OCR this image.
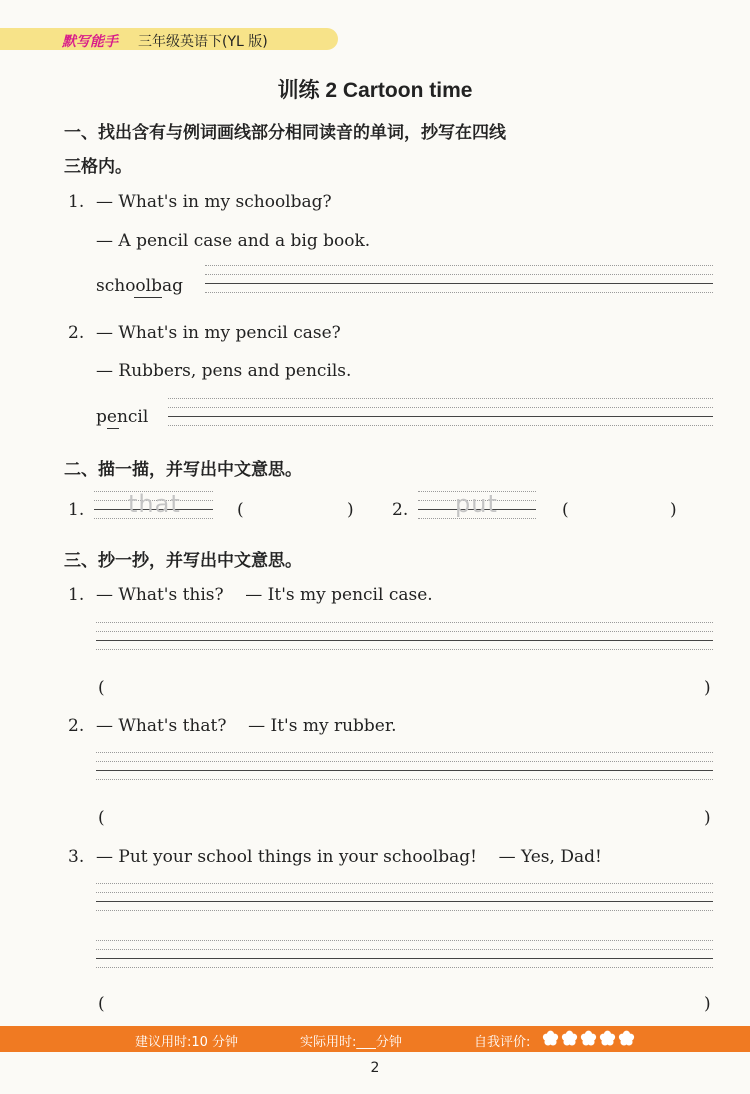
默写能手 三年级英语下(YL 版)
训练 2 Cartoon time
一、找出含有与例词画线部分相同读音的单词，抄写在四线
三格内。
1. — What's in my schoolbag?
— A pencil case and a big book.
schoolbag
2. — What's in my pencil case?
— Rubbers, pens and pencils.
pencil
二、描一描，并写出中文意思。
1. that	(	) 2. put	(	)
三、抄一抄，并写出中文意思。
1. — What's this?    — It's my pencil case.
(	)
2. — What's that?    — It's my rubber.
(	)
3. — Put your school things in your schoolbag!    — Yes, Dad!
(	)
建议用时:10 分钟	实际用时:___分钟	自我评价:
2
